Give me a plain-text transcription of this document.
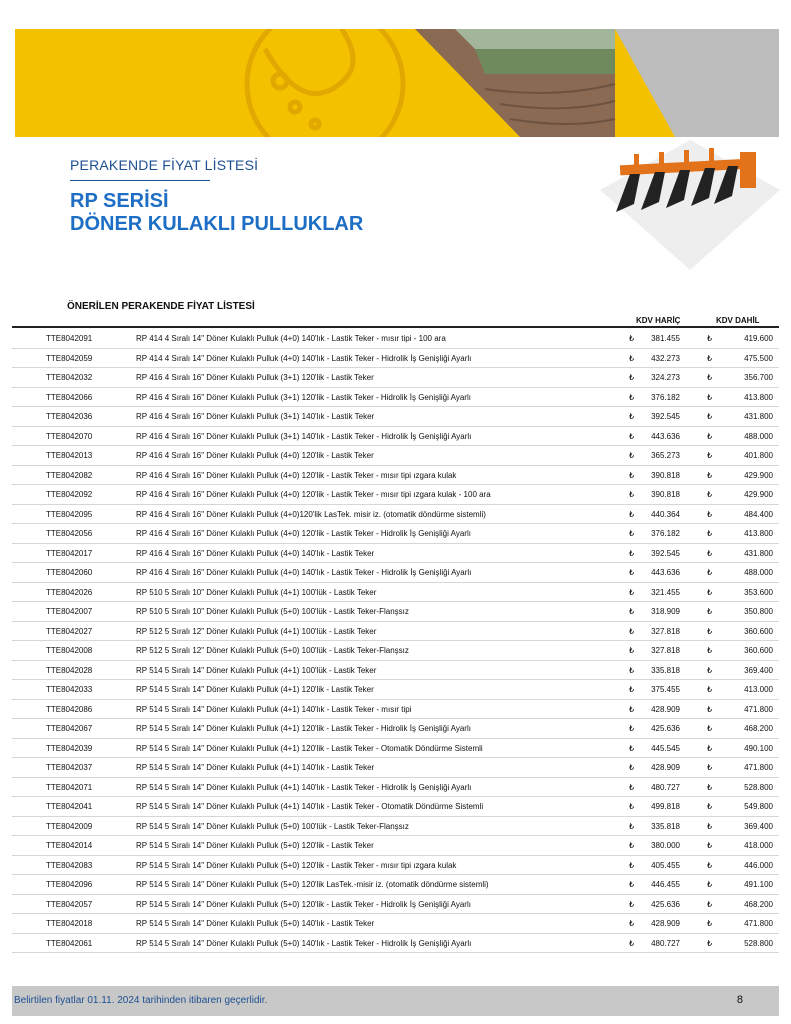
PERAKENDE FİYAT LİSTESİ
RP SERİSİ
DÖNER KULAKLI PULLUKLAR
ÖNERİLEN PERAKENDE FİYAT LİSTESİ
KDV HARİÇ	KDV DAHİL
TTE8042091	RP 414 4 Sıralı 14" Döner Kulaklı Pulluk (4+0) 140'lık - Lastik Teker - mısır tipi - 100 ara	₺ 381.455	₺	419.600
TTE8042059	RP 414 4 Sıralı 14" Döner Kulaklı Pulluk (4+0) 140'lık - Lastik Teker - Hidrolik İş Genişliği Ayarlı	₺ 432.273	₺	475.500
TTE8042032	RP 416 4 Sıralı 16" Döner Kulaklı Pulluk (3+1) 120'lik - Lastik Teker	₺ 324.273	₺	356.700
TTE8042066	RP 416 4 Sıralı 16" Döner Kulaklı Pulluk (3+1) 120'lik - Lastik Teker - Hidrolik İş Genişliği Ayarlı	₺ 376.182	₺	413.800
TTE8042036	RP 416 4 Sıralı 16" Döner Kulaklı Pulluk (3+1) 140'lık - Lastik Teker	₺ 392.545	₺	431.800
TTE8042070	RP 416 4 Sıralı 16" Döner Kulaklı Pulluk (3+1) 140'lık - Lastik Teker - Hidrolik İş Genişliği Ayarlı	₺ 443.636	₺	488.000
TTE8042013	RP 416 4 Sıralı 16" Döner Kulaklı Pulluk (4+0) 120'lik - Lastik Teker	₺ 365.273	₺	401.800
TTE8042082	RP 416 4 Sıralı 16" Döner Kulaklı Pulluk (4+0) 120'lik - Lastik Teker - mısır tipi ızgara kulak	₺ 390.818	₺	429.900
TTE8042092	RP 416 4 Sıralı 16" Döner Kulaklı Pulluk (4+0) 120'lik - Lastik Teker - mısır tipi ızgara kulak - 100 ara	₺ 390.818	₺	429.900
TTE8042095	RP 416 4 Sıralı 16" Döner Kulaklı Pulluk (4+0)120'lik LasTek. misir iz. (otomatik döndürme sistemli)	₺ 440.364	₺	484.400
TTE8042056	RP 416 4 Sıralı 16" Döner Kulaklı Pulluk (4+0) 120'lik - Lastik Teker - Hidrolik İş Genişliği Ayarlı	₺ 376.182	₺	413.800
TTE8042017	RP 416 4 Sıralı 16" Döner Kulaklı Pulluk (4+0) 140'lık - Lastik Teker	₺ 392.545	₺	431.800
TTE8042060	RP 416 4 Sıralı 16" Döner Kulaklı Pulluk (4+0) 140'lık - Lastik Teker - Hidrolik İş Genişliği Ayarlı	₺ 443.636	₺	488.000
TTE8042026	RP 510 5 Sıralı 10" Döner Kulaklı Pulluk (4+1) 100'lük - Lastik Teker	₺ 321.455	₺	353.600
TTE8042007	RP 510 5 Sıralı 10" Döner Kulaklı Pulluk (5+0) 100'lük - Lastik Teker-Flanşsız	₺ 318.909	₺	350.800
TTE8042027	RP 512 5 Sıralı 12" Döner Kulaklı Pulluk (4+1) 100'lük - Lastik Teker	₺ 327.818	₺	360.600
TTE8042008	RP 512 5 Sıralı 12" Döner Kulaklı Pulluk (5+0) 100'lük - Lastik Teker-Flanşsız	₺ 327.818	₺	360.600
TTE8042028	RP 514 5 Sıralı 14" Döner Kulaklı Pulluk (4+1) 100'lük - Lastik Teker	₺ 335.818	₺	369.400
TTE8042033	RP 514 5 Sıralı 14" Döner Kulaklı Pulluk (4+1) 120'lik - Lastik Teker	₺ 375.455	₺	413.000
TTE8042086	RP 514 5 Sıralı 14" Döner Kulaklı Pulluk (4+1) 140'lık - Lastik Teker - mısır tipi	₺ 428.909	₺	471.800
TTE8042067	RP 514 5 Sıralı 14" Döner Kulaklı Pulluk (4+1) 120'lik - Lastik Teker - Hidrolik İş Genişliği Ayarlı	₺ 425.636	₺	468.200
TTE8042039	RP 514 5 Sıralı 14" Döner Kulaklı Pulluk (4+1) 120'lik - Lastik Teker - Otomatik Döndürme Sistemli	₺ 445.545	₺	490.100
TTE8042037	RP 514 5 Sıralı 14" Döner Kulaklı Pulluk (4+1) 140'lık - Lastik Teker	₺ 428.909	₺	471.800
TTE8042071	RP 514 5 Sıralı 14" Döner Kulaklı Pulluk (4+1) 140'lık - Lastik Teker - Hidrolik İş Genişliği Ayarlı	₺ 480.727	₺	528.800
TTE8042041	RP 514 5 Sıralı 14" Döner Kulaklı Pulluk (4+1) 140'lık - Lastik Teker - Otomatik Döndürme Sistemli	₺ 499.818	₺	549.800
TTE8042009	RP 514 5 Sıralı 14" Döner Kulaklı Pulluk (5+0) 100'lük - Lastik Teker-Flanşsız	₺ 335.818	₺	369.400
TTE8042014	RP 514 5 Sıralı 14" Döner Kulaklı Pulluk (5+0) 120'lik - Lastik Teker	₺ 380.000	₺	418.000
TTE8042083	RP 514 5 Sıralı 14" Döner Kulaklı Pulluk (5+0) 120'lik - Lastik Teker - mısır tipi ızgara kulak	₺ 405.455	₺	446.000
TTE8042096	RP 514 5 Sıralı 14" Döner Kulaklı Pulluk (5+0) 120'lik LasTek.-misir iz. (otomatik döndürme sistemli)	₺ 446.455	₺	491.100
TTE8042057	RP 514 5 Sıralı 14" Döner Kulaklı Pulluk (5+0) 120'lik - Lastik Teker - Hidrolik İş Genişliği Ayarlı	₺ 425.636	₺	468.200
TTE8042018	RP 514 5 Sıralı 14" Döner Kulaklı Pulluk (5+0) 140'lık - Lastik Teker	₺ 428.909	₺	471.800
TTE8042061	RP 514 5 Sıralı 14" Döner Kulaklı Pulluk (5+0) 140'lık - Lastik Teker - Hidrolik İş Genişliği Ayarlı	₺ 480.727	₺	528.800
Belirtilen fiyatlar 01.11. 2024 tarihinden itibaren geçerlidir.	8
